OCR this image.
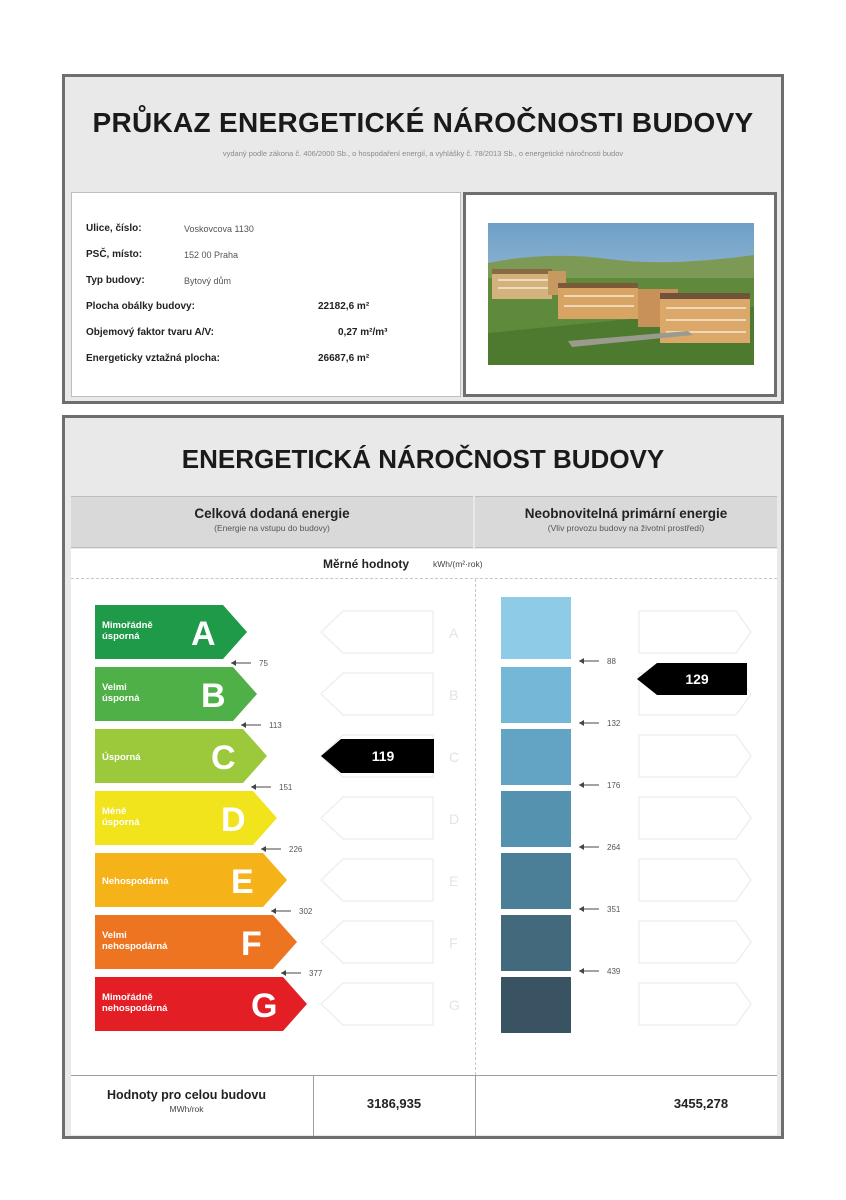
PRŮKAZ ENERGETICKÉ NÁROČNOSTI BUDOVY
vydaný podle zákona č. 406/2000 Sb., o hospodaření energií, a vyhlášky č. 78/2013 Sb., o energetické náročnosti budov
Ulice, číslo:	Voskovcova 1130
PSČ, místo:	152 00 Praha
Typ budovy:	Bytový dům
Plocha obálky budovy:	22182,6 m²
Objemový faktor tvaru A/V:	0,27 m²/m³
Energeticky vztažná plocha:	26687,6 m²
ENERGETICKÁ NÁROČNOST BUDOVY
Celková dodaná energie
(Energie na vstupu do budovy)
Neobnovitelná primární energie
(Vliv provozu budovy na životní prostředí)
Měrné hodnoty	kWh/(m²·rok)
Mimořádně úsporná	A	A
Velmi úsporná B	B
Úsporná C	C
Méně úsporná D	D
Nehospodárná E	E
Velmi nehospodárná F	F
Mimořádně nehospodárná G	G
75
113
151
226
302
377
88
132
176
264
351
439
119
129
Hodnoty pro celou budovu
MWh/rok	3186,935	3455,278
